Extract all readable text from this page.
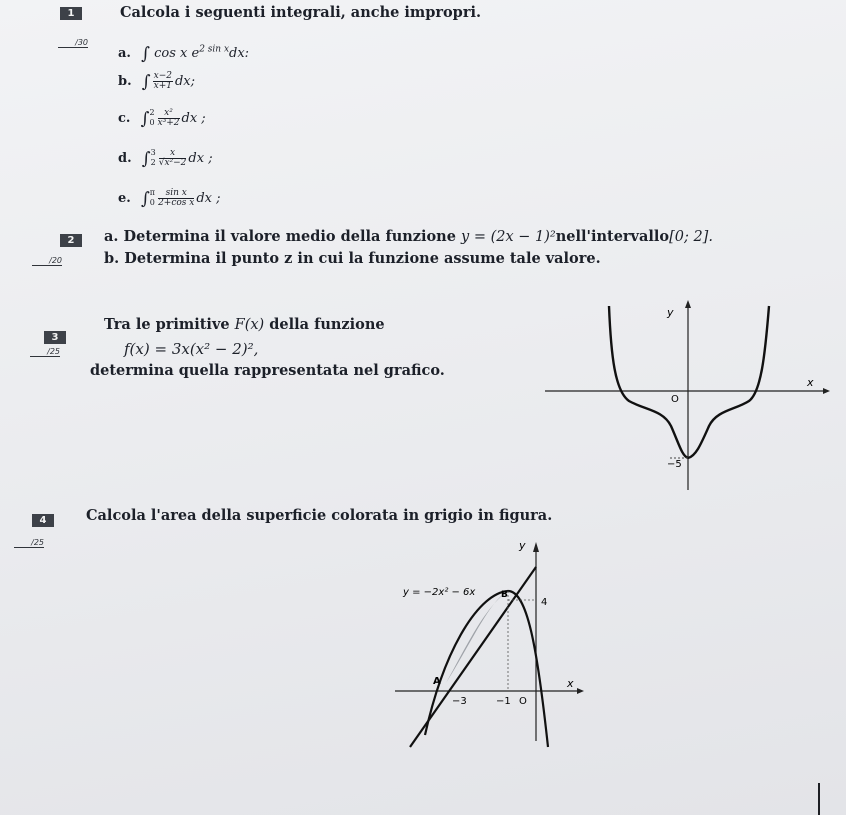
1
/30
Calcola i seguenti integrali, anche impropri.
a. ∫ cos x $e^{2 sin x}dx$:
b. ∫ $\frac{x-2}{x+1}$ dx;
c. ∫2
$0 \frac{\text{x²}}{\text{x³+2}}$ dx ;
d. ∫3
$2 \frac{x}{\text{√x²−2}}$ dx ;
e. ∫π
$0 \frac{\text{sin x}}{\text{2+cos x}}$ dx ;
2
/20
a. Determina il valore medio della funzione y = (2x − 1)²nell'intervallo[0; 2].
b. Determina il punto z in cui la funzione assume tale valore.
3
/25
Tra le primitive F(x) della funzione
f(x) = 3x(x² − 2)²,
determina quella rappresentata nel grafico.
y
x
O
−5
4
/25
Calcola l'area della superficie colorata in grigio in figura.
y
x
O
y = −2x² − 6x
A
B
−3	−1
4
